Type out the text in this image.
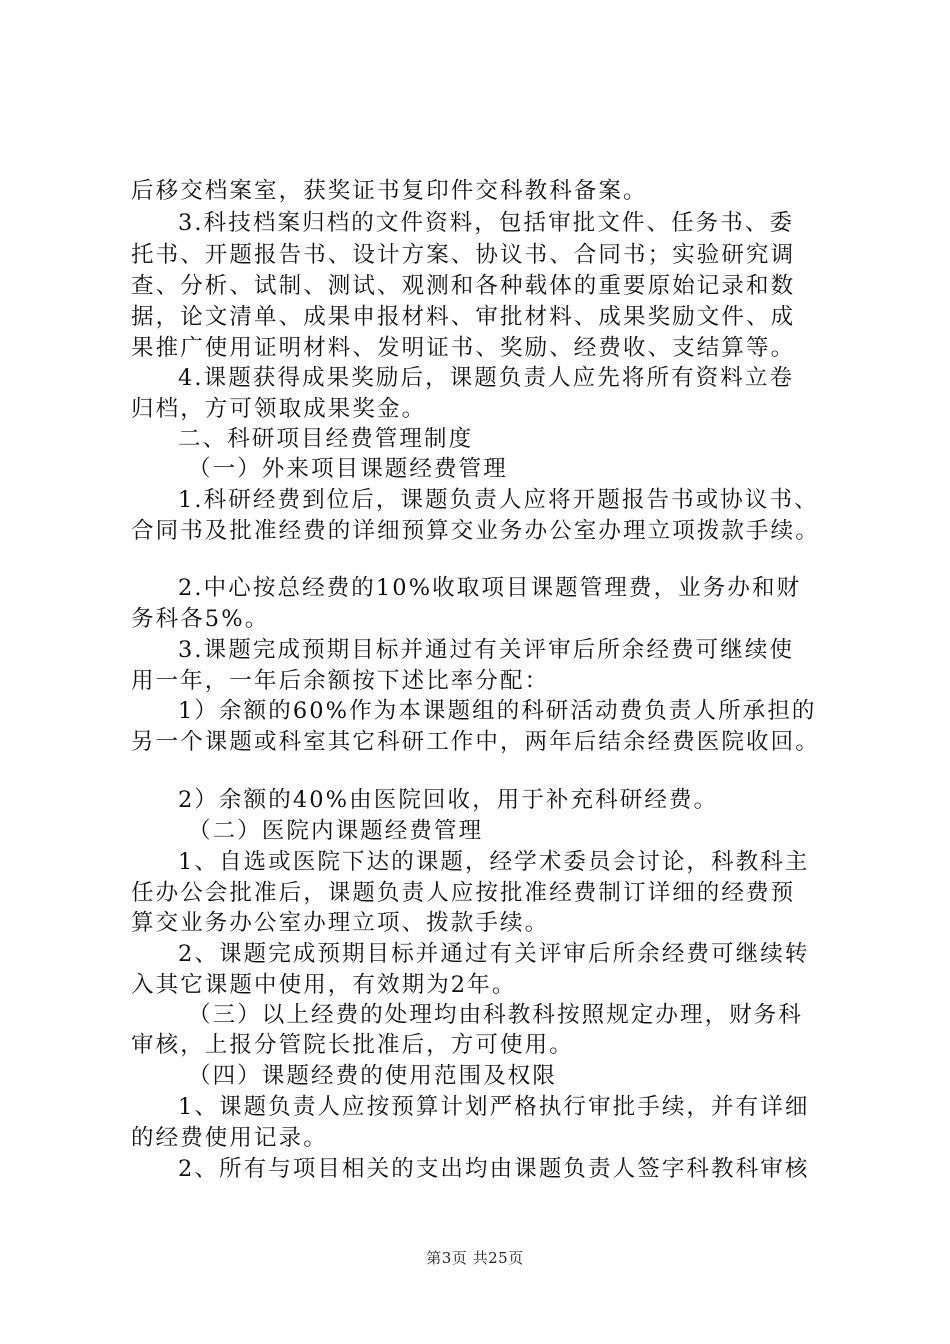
后移交档案室，获奖证书复印件交科教科备案。
3.科技档案归档的文件资料，包括审批文件、任务书、委
托书、开题报告书、设计方案、协议书、合同书；实验研究调
查、分析、试制、测试、观测和各种载体的重要原始记录和数
据，论文清单、成果申报材料、审批材料、成果奖励文件、成
果推广使用证明材料、发明证书、奖励、经费收、支结算等。
4.课题获得成果奖励后，课题负责人应先将所有资料立卷
归档，方可领取成果奖金。
二、科研项目经费管理制度
（一）外来项目课题经费管理
1.科研经费到位后，课题负责人应将开题报告书或协议书、
合同书及批准经费的详细预算交业务办公室办理立项拨款手续。
2.中心按总经费的10%收取项目课题管理费，业务办和财
务科各5%。
3.课题完成预期目标并通过有关评审后所余经费可继续使
用一年，一年后余额按下述比率分配：
1）余额的60%作为本课题组的科研活动费负责人所承担的
另一个课题或科室其它科研工作中，两年后结余经费医院收回。
2）余额的40%由医院回收，用于补充科研经费。
（二）医院内课题经费管理
1、自选或医院下达的课题，经学术委员会讨论，科教科主
任办公会批准后，课题负责人应按批准经费制订详细的经费预
算交业务办公室办理立项、拨款手续。
2、课题完成预期目标并通过有关评审后所余经费可继续转
入其它课题中使用，有效期为2年。
（三）以上经费的处理均由科教科按照规定办理，财务科
审核，上报分管院长批准后，方可使用。
（四）课题经费的使用范围及权限
1、课题负责人应按预算计划严格执行审批手续，并有详细
的经费使用记录。
2、所有与项目相关的支出均由课题负责人签字科教科审核
第3页 共25页
